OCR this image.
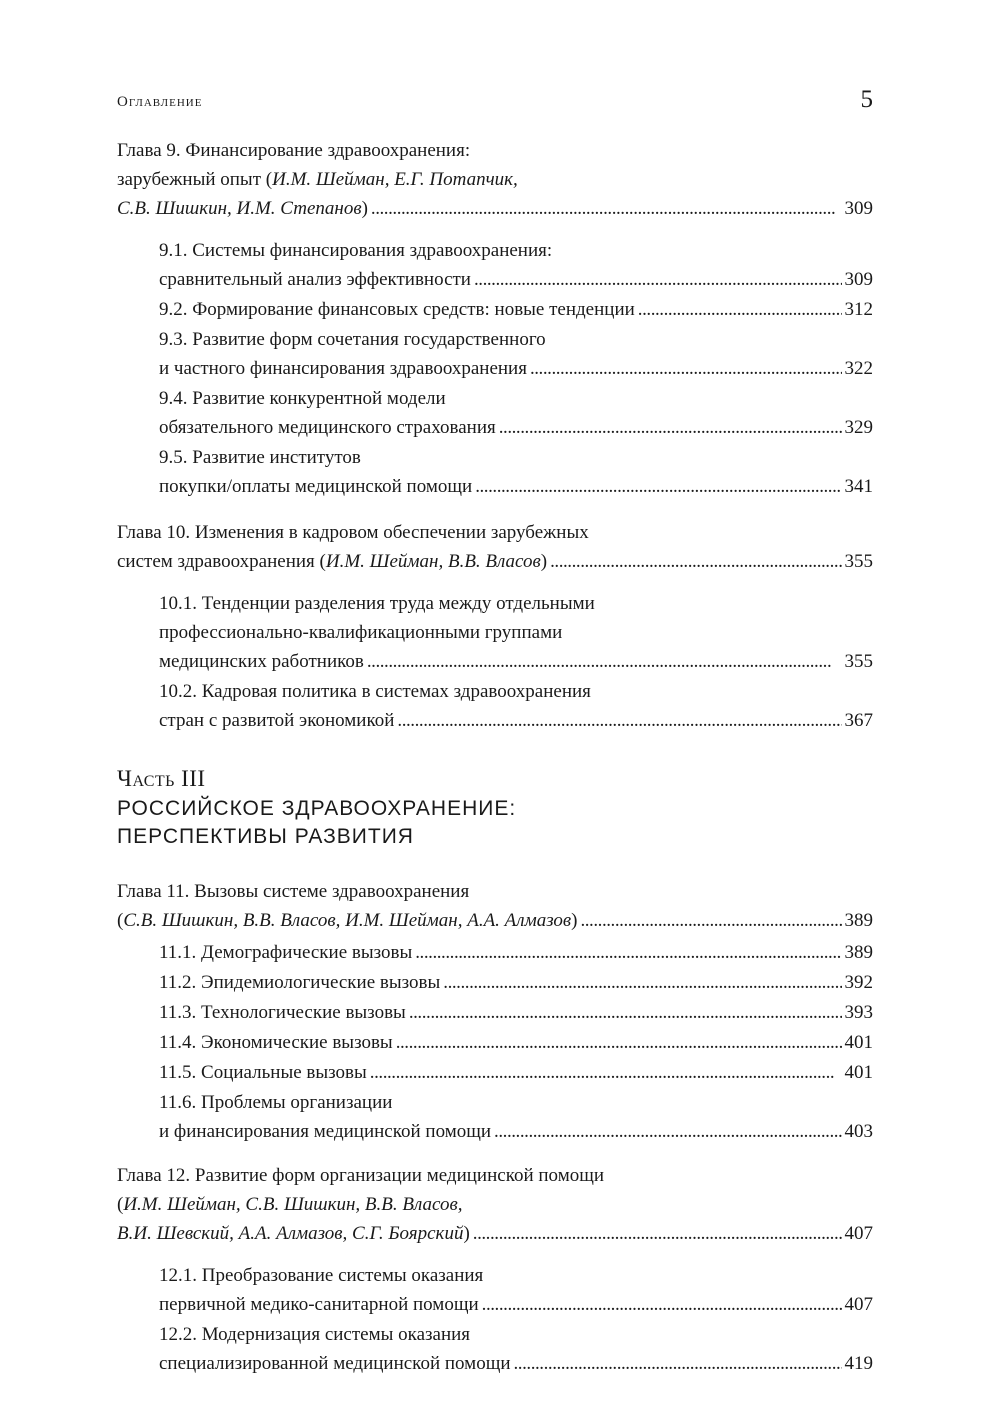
Оглавление	5
Глава 9. Финансирование здравоохранения:
зарубежный опыт (И.М. Шейман, Е.Г. Потапчик,
С.В. Шишкин, И.М. Степанов) . . .	309
9.1. Системы финансирования здравоохранения:
сравнительный анализ эффективности . . .	309
9.2. Формирование финансовых средств: новые тенденции . . .	312
9.3. Развитие форм сочетания государственного
и частного финансирования здравоохранения . . .	322
9.4. Развитие конкурентной модели
обязательного медицинского страхования . . .	329
9.5. Развитие институтов
покупки/оплаты медицинской помощи . . .	341
Глава 10. Изменения в кадровом обеспечении зарубежных
систем здравоохранения (И.М. Шейман, В.В. Власов) . . .	355
10.1. Тенденции разделения труда между отдельными
профессионально-квалификационными группами
медицинских работников . . .	355
10.2. Кадровая политика в системах здравоохранения
стран с развитой экономикой . . .	367
Часть III
РОССИЙСКОЕ ЗДРАВООХРАНЕНИЕ:
ПЕРСПЕКТИВЫ РАЗВИТИЯ
Глава 11. Вызовы системе здравоохранения
(С.В. Шишкин, В.В. Власов, И.М. Шейман, А.А. Алмазов) . . .	389
11.1. Демографические вызовы . . .	389
11.2. Эпидемиологические вызовы . . .	392
11.3. Технологические вызовы . . .	393
11.4. Экономические вызовы . . .	401
11.5. Социальные вызовы . . .	401
11.6. Проблемы организации
и финансирования медицинской помощи . . .	403
Глава 12. Развитие форм организации медицинской помощи
(И.М. Шейман, С.В. Шишкин, В.В. Власов,
В.И. Шевский, А.А. Алмазов, С.Г. Боярский) . . .	407
12.1. Преобразование системы оказания
первичной медико-санитарной помощи . . .	407
12.2. Модернизация системы оказания
специализированной медицинской помощи . . .	419
